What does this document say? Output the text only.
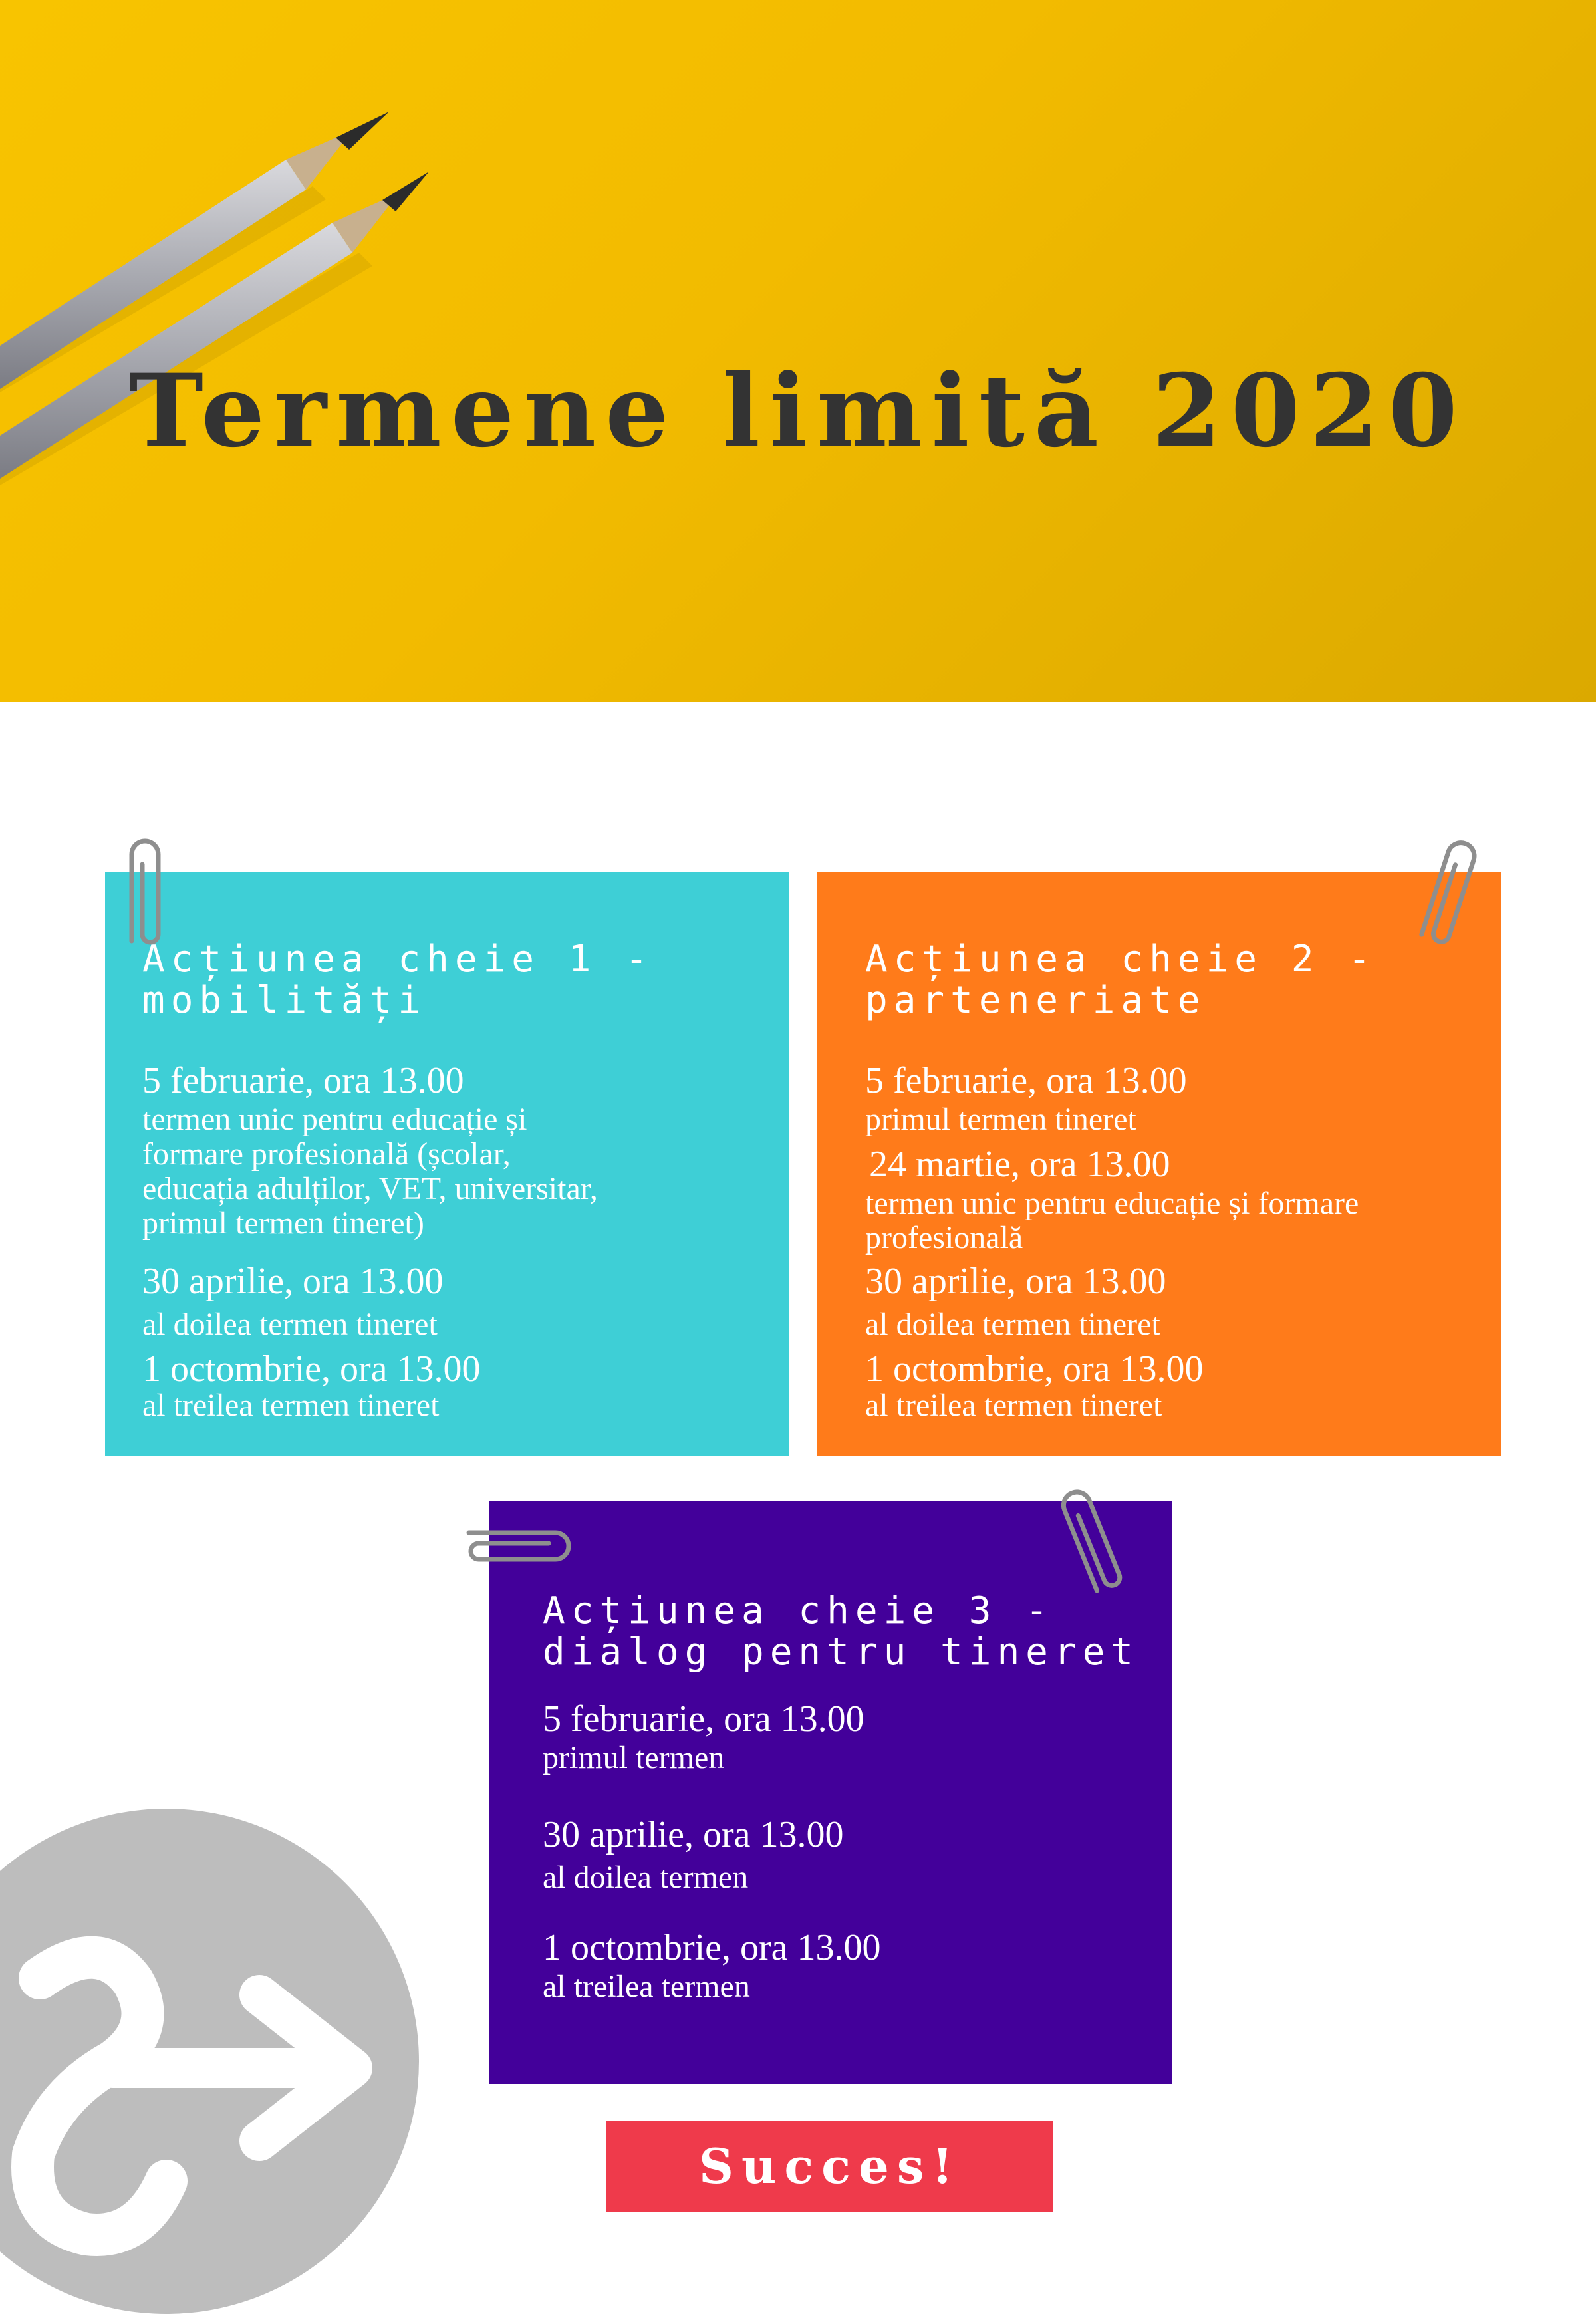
Termene limită 2020
Acțiunea cheie 1 -
mobilități
5 februarie, ora 13.00
termen unic pentru educație și
formare profesională (școlar,
educația adulților, VET, universitar,
primul termen tineret)
30 aprilie, ora 13.00
al doilea termen tineret
1 octombrie, ora 13.00
al treilea termen tineret
Acțiunea cheie 2 -
parteneriate
5 februarie, ora 13.00
primul termen tineret
24 martie, ora 13.00
termen unic pentru educație și formare
profesională
30 aprilie, ora 13.00
al doilea termen tineret
1 octombrie, ora 13.00
al treilea termen tineret
Acțiunea cheie 3 -
dialog pentru tineret
5 februarie, ora 13.00
primul termen
30 aprilie, ora 13.00
al doilea termen
1 octombrie, ora 13.00
al treilea termen
Succes!
